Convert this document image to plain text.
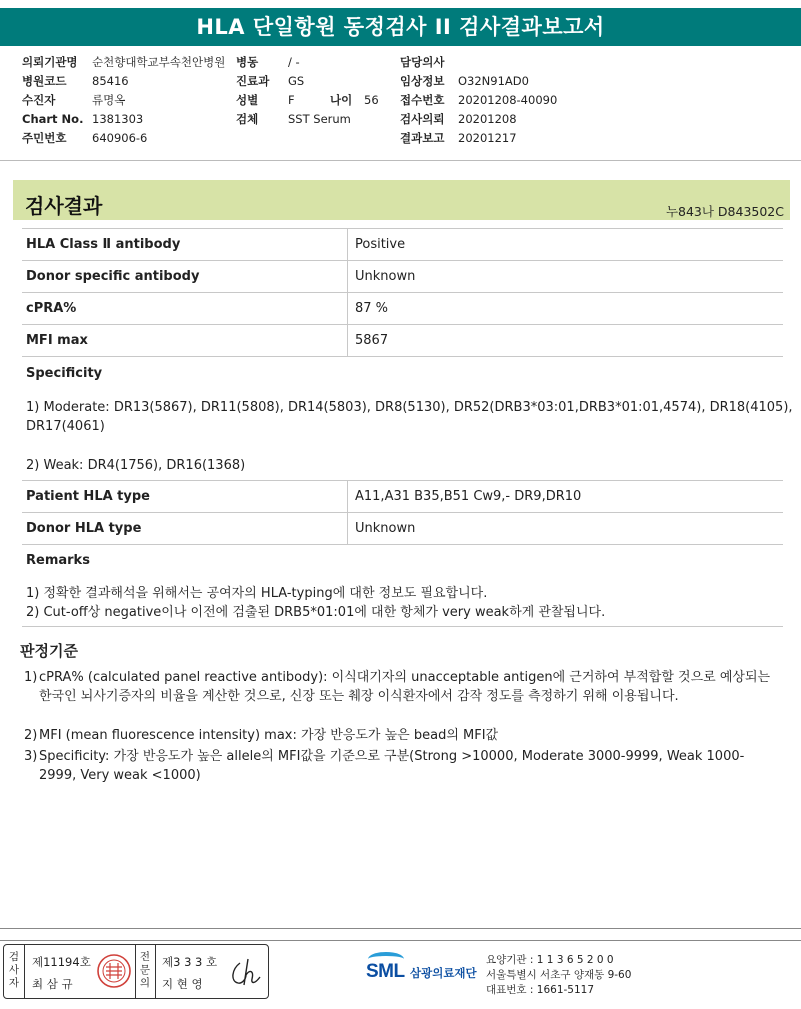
HLA 단일항원 동정검사 II 검사결과보고서
의뢰기관명 순천향대학교부속천안병원
병원코드 85416
수진자	류명옥
Chart No. 1381303
주민번호 640906-6
병동	/ -
진료과 GS
성별	F	나이 56
검체	SST Serum
담당의사
임상정보 O32N91AD0
접수번호 20201208-40090
검사의뢰 20201208
결과보고 20201217
검사결과	누843나 D843502C
HLA Class Ⅱ antibody	Positive
Donor specific antibody	Unknown
cPRA%	87 %
MFI max	5867
Specificity
1) Moderate: DR13(5867), DR11(5808), DR14(5803), DR8(5130), DR52(DRB3*03:01,DRB3*01:01,4574), DR18(4105),
DR17(4061)
2) Weak: DR4(1756), DR16(1368)
Patient HLA type	A11,A31 B35,B51 Cw9,- DR9,DR10
Donor HLA type	Unknown
Remarks
1) 정확한 결과해석을 위해서는 공여자의 HLA-typing에 대한 정보도 필요합니다.
2) Cut-off상 negative이나 이전에 검출된 DRB5*01:01에 대한 항체가 very weak하게 관찰됩니다.
판정기준
1) cPRA% (calculated panel reactive antibody): 이식대기자의 unacceptable antigen에 근거하여 부적합할 것으로 예상되는 한국인 뇌사기증자의 비율을 계산한 것으로, 신장 또는 췌장 이식환자에서 감작 정도를 측정하기 위해 이용됩니다.
2) MFI (mean fluorescence intensity) max: 가장 반응도가 높은 bead의 MFI값
3) Specificity: 가장 반응도가 높은 allele의 MFI값을 기준으로 구분(Strong >10000, Moderate 3000-9999, Weak 1000-2999, Very weak <1000)
검사자
제11194호
최 삼 규
전문의
제3 3 3 호
지 현 영
SML 삼광의료재단
요양기관 : 1 1 3 6 5 2 0 0
서울특별시 서초구 양재동 9-60
대표번호 : 1661-5117
